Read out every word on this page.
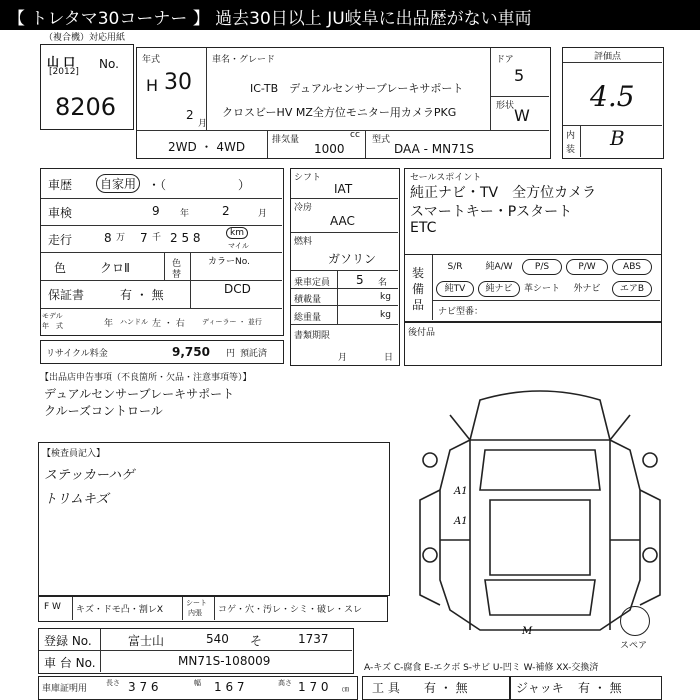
【 トレタマ30コーナー 】 過去30日以上 JU岐阜に出品歴がない車両
（複合機）対応用紙
山 口 No.
[2012]
8206
年式
H 30
2
月
車名・グレード
IC-TB　デュアルセンサーブレーキサポート
クロスビーHV MZ全方位モニター用カメラPKG
ドア
5
形状 W
2WD ・ 4WD	排気量	cc
1000
型式
DAA - MN71S
評価点
4.5
内
装 B
車歴	自家用 ・（　　　　　　）
車検	9 年	2	月
走行	8 万 7 千 2 5 8	km
マイル
色	クロⅡ	色
替
カラーNo.
DCD
保証書	有 ・ 無
モデル
年　式	年 ハンドル 左 ・ 右 ディーラー ・ 並行
リサイクル料金	9,750 円 預託済
シフト
IAT
冷房
AAC
燃料
ガソリン
乗車定員 5 名
積載量	kg
総重量	kg
書類期限
月	日
セールスポイント
純正ナビ・TV　全方位カメラ
スマートキー・Pスタート
ETC
装
備
品
S/R	純A/W	P/S	P/W	ABS
純TV	純ナビ	革シート	外ナビ	エアB
ナビ型番：
後付品
【出品店申告事項（不良箇所・欠品・注意事項等）】
デュアルセンサーブレーキサポート
クルーズコントロール
【検査員記入】
ステッカーハゲ
トリムキズ
A1
A1
M
スペア
F W キズ・ドモ凸・割レX
シート
内張 コゲ・穴・汚レ・シミ・破レ・スレ
登録 No.	富士山	540 そ	1737
車 台 No.	MN71S-108009	A-キズ C-腐食 E-エクボ S-サビ U-凹ミ W-補修 XX-交換済
車庫証明用
長さ 3 7 6	幅 1 6 7	高さ 1 7 0 ㎝ 工 具 有 ・ 無	ジャッキ 有 ・ 無
